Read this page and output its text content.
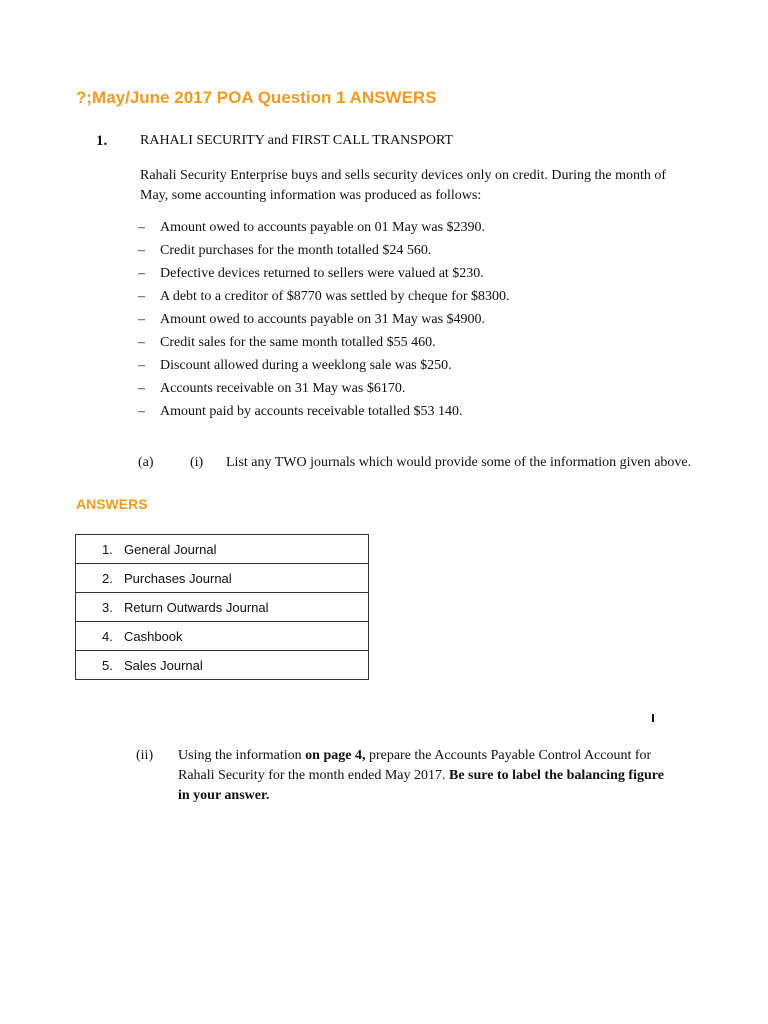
?;May/June 2017 POA Question 1 ANSWERS
1. RAHALI SECURITY and FIRST CALL TRANSPORT
Rahali Security Enterprise buys and sells security devices only on credit. During the month of May, some accounting information was produced as follows:
– Amount owed to accounts payable on 01 May was $2390.
– Credit purchases for the month totalled $24 560.
– Defective devices returned to sellers were valued at $230.
– A debt to a creditor of $8770 was settled by cheque for $8300.
– Amount owed to accounts payable on 31 May was $4900.
– Credit sales for the same month totalled $55 460.
– Discount allowed during a weeklong sale was $250.
– Accounts receivable on 31 May was $6170.
– Amount paid by accounts receivable totalled $53 140.
(a)	(i) List any TWO journals which would provide some of the information given above.
ANSWERS
1. General Journal
2. Purchases Journal
3. Return Outwards Journal
4. Cashbook
5. Sales Journal
(ii) Using the information on page 4, prepare the Accounts Payable Control Account for Rahali Security for the month ended May 2017. Be sure to label the balancing figure in your answer.
